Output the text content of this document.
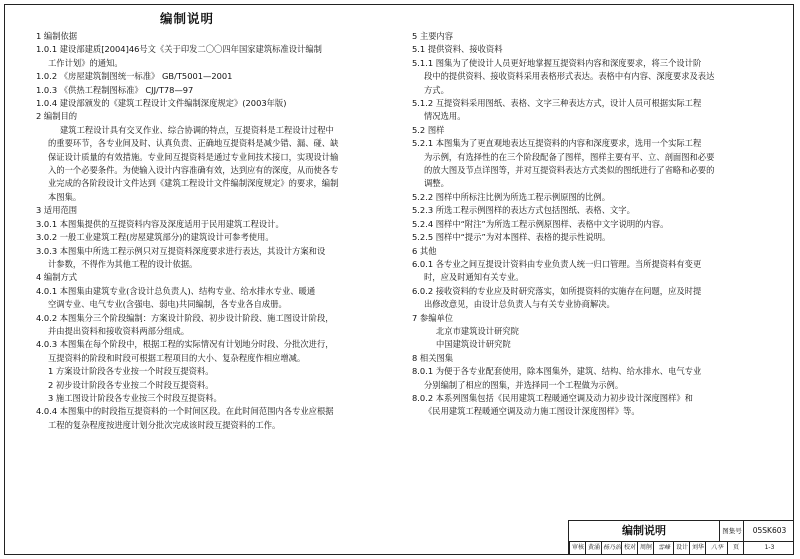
编制说明
1 编制依据
1.0.1 建设部建质[2004]46号文《关于印发二〇〇四年国家建筑标准设计编制
工作计划》的通知。
1.0.2 《房屋建筑制图统一标准》 GB/T5001—2001
1.0.3 《供热工程制图标准》 CJJ/T78—97
1.0.4 建设部颁发的《建筑工程设计文件编制深度规定》(2003年版)
2 编制目的
建筑工程设计具有交叉作业、综合协调的特点，互提资料是工程设计过程中
的重要环节，各专业间及时、认真负责、正确地互提资料是减少错、漏、碰、缺
保证设计质量的有效措施。专业间互提资料是通过专业间技术接口，实现设计输
入的一个必要条件。为使输入设计内容准确有效，达到应有的深度，从而使各专
业完成的各阶段设计文件达到《建筑工程设计文件编制深度规定》的要求，编制
本图集。
3 适用范围
3.0.1 本图集提供的互提资料内容及深度适用于民用建筑工程设计。
3.0.2 一般工业建筑工程(房屋建筑部分)的建筑设计可参考使用。
3.0.3 本图集中所选工程示例只对互提资料深度要求进行表达，其设计方案和设
计参数，不得作为其他工程的设计依据。
4 编制方式
4.0.1 本图集由建筑专业(含设计总负责人)、结构专业、给水排水专业、暖通
空调专业、电气专业(含强电、弱电)共同编制，各专业各自成册。
4.0.2 本图集分三个阶段编制：方案设计阶段、初步设计阶段、施工图设计阶段，
并由提出资料和接收资料两部分组成。
4.0.3 本图集在每个阶段中，根据工程的实际情况有计划地分时段、分批次进行，
互提资料的阶段和时段可根据工程项目的大小、复杂程度作相应增减。
1 方案设计阶段各专业按一个时段互提资料。
2 初步设计阶段各专业按二个时段互提资料。
3 施工图设计阶段各专业按三个时段互提资料。
4.0.4 本图集中的时段指互提资料的一个时间区段。在此时间范围内各专业应根据
工程的复杂程度按进度计划分批次完成该时段互提资料的工作。
5 主要内容
5.1 提供资料、接收资料
5.1.1 图集为了使设计人员更好地掌握互提资料内容和深度要求，将三个设计阶
段中的提供资料、接收资料采用表格形式表达。表格中有内容、深度要求及表达
方式。
5.1.2 互提资料采用图纸、表格、文字三种表达方式，设计人员可根据实际工程
情况选用。
5.2 图样
5.2.1 本图集为了更直观地表达互提资料的内容和深度要求，选用一个实际工程
为示例，有选择性的在三个阶段配备了图样，图样主要有平、立、剖面图和必要
的放大图及节点详图等，并对互提资料表达方式类似的图纸进行了省略和必要的
调整。
5.2.2 图样中所标注比例为所选工程示例原图的比例。
5.2.3 所选工程示例图样的表达方式包括图纸、表格、文字。
5.2.4 图样中“附注”为所选工程示例原图样、表格中文字说明的内容。
5.2.5 图样中“提示”为对本图样、表格的提示性说明。
6 其他
6.0.1 各专业之间互提设计资料由专业负责人统一归口管理。当所提资料有变更
时，应及时通知有关专业。
6.0.2 接收资料的专业应及时研究落实，如所提资料的实施存在问题，应及时提
出修改意见，由设计总负责人与有关专业协商解决。
7 参编单位
北京市建筑设计研究院
中国建筑设计研究院
8 相关图集
8.0.1 为便于各专业配套使用，除本图集外，建筑、结构、给水排水、电气专业
分别编制了相应的图集，并选择同一个工程做为示例。
8.0.2 本系列图集包括《民用建筑工程暖通空调及动力初步设计深度图样》和
《民用建筑工程暖通空调及动力施工图设计深度图样》等。
编制说明	图集号	05SK603
审核 黄涌 杨乃治 校对 周舸 雪峰 设计 刘华	八华	页	1-3
